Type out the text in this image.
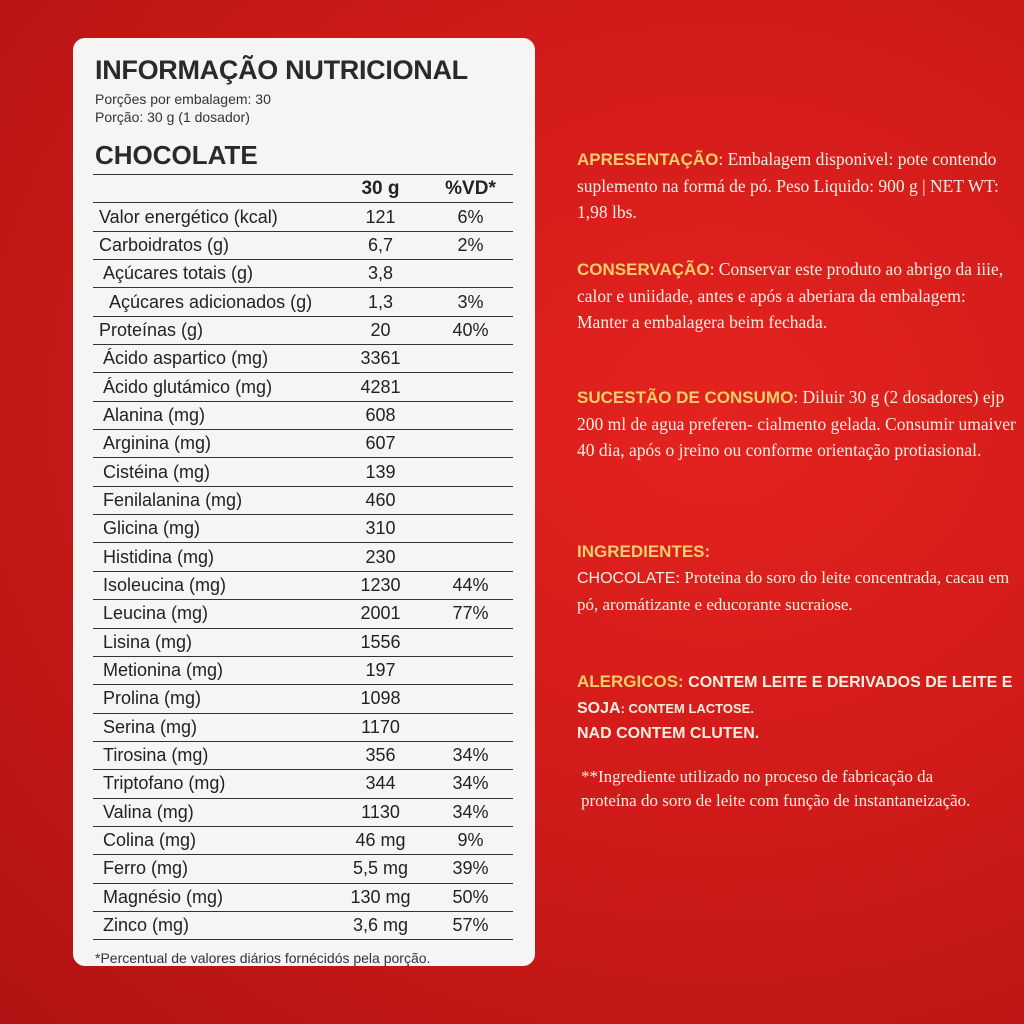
INFORMAÇÃO NUTRICIONAL
Porções por embalagem: 30
Porção: 30 g (1 dosador)
CHOCOLATE
	30 g	%VD*
Valor energético (kcal)	121	6%
Carboidratos (g)	6,7	2%
Açúcares totais (g)	3,8	
Açúcares adicionados (g)	1,3	3%
Proteínas (g)	20	40%
Ácido aspartico (mg)	3361	
Ácido glutámico (mg)	4281	
Alanina (mg)	608	
Arginina (mg)	607	
Cistéina (mg)	139	
Fenilalanina (mg)	460	
Glicina (mg)	310	
Histidina (mg)	230	
Isoleucina (mg)	1230	44%
Leucina (mg)	2001	77%
Lisina (mg)	1556	
Metionina (mg)	197	
Prolina (mg)	1098	
Serina (mg)	1170	
Tirosina (mg)	356	34%
Triptofano (mg)	344	34%
Valina (mg)	1130	34%
Colina (mg)	46 mg	9%
Ferro (mg)	5,5 mg	39%
Magnésio (mg)	130 mg	50%
Zinco (mg)	3,6 mg	57%
*Percentual de valores diários fornécidós pela porção.
APRESENTAÇÃO: Embalagem disponivel: pote contendo suplemento na formá de pó. Peso Liquido: 900 g | NET WT: 1,98 lbs.
CONSERVAÇÃO: Conservar este produto ao abrigo da iiie, calor e uniidade, antes e após a aberiara da embalagem: Manter a embalagera beim fechada.
SUCESTÃO DE CONSUMO: Diluir 30 g (2 dosadores) ejp 200 ml de agua preferen- cialmento gelada. Consumir umaiver 40 dia, após o jreino ou conforme orientação protiasional.
INGREDIENTES:
CHOCOLATE: Proteina do soro do leite concentrada, cacau em pó, aromátizante e educorante sucraiose.
ALERGICOS: CONTEM LEITE E DERIVADOS DE LEITE E SOJA: CONTEM LACTOSE.
NAD CONTEM CLUTEN.
**Ingrediente utilizado no proceso de fabricação da proteína do soro de leite com função de instantaneização.
